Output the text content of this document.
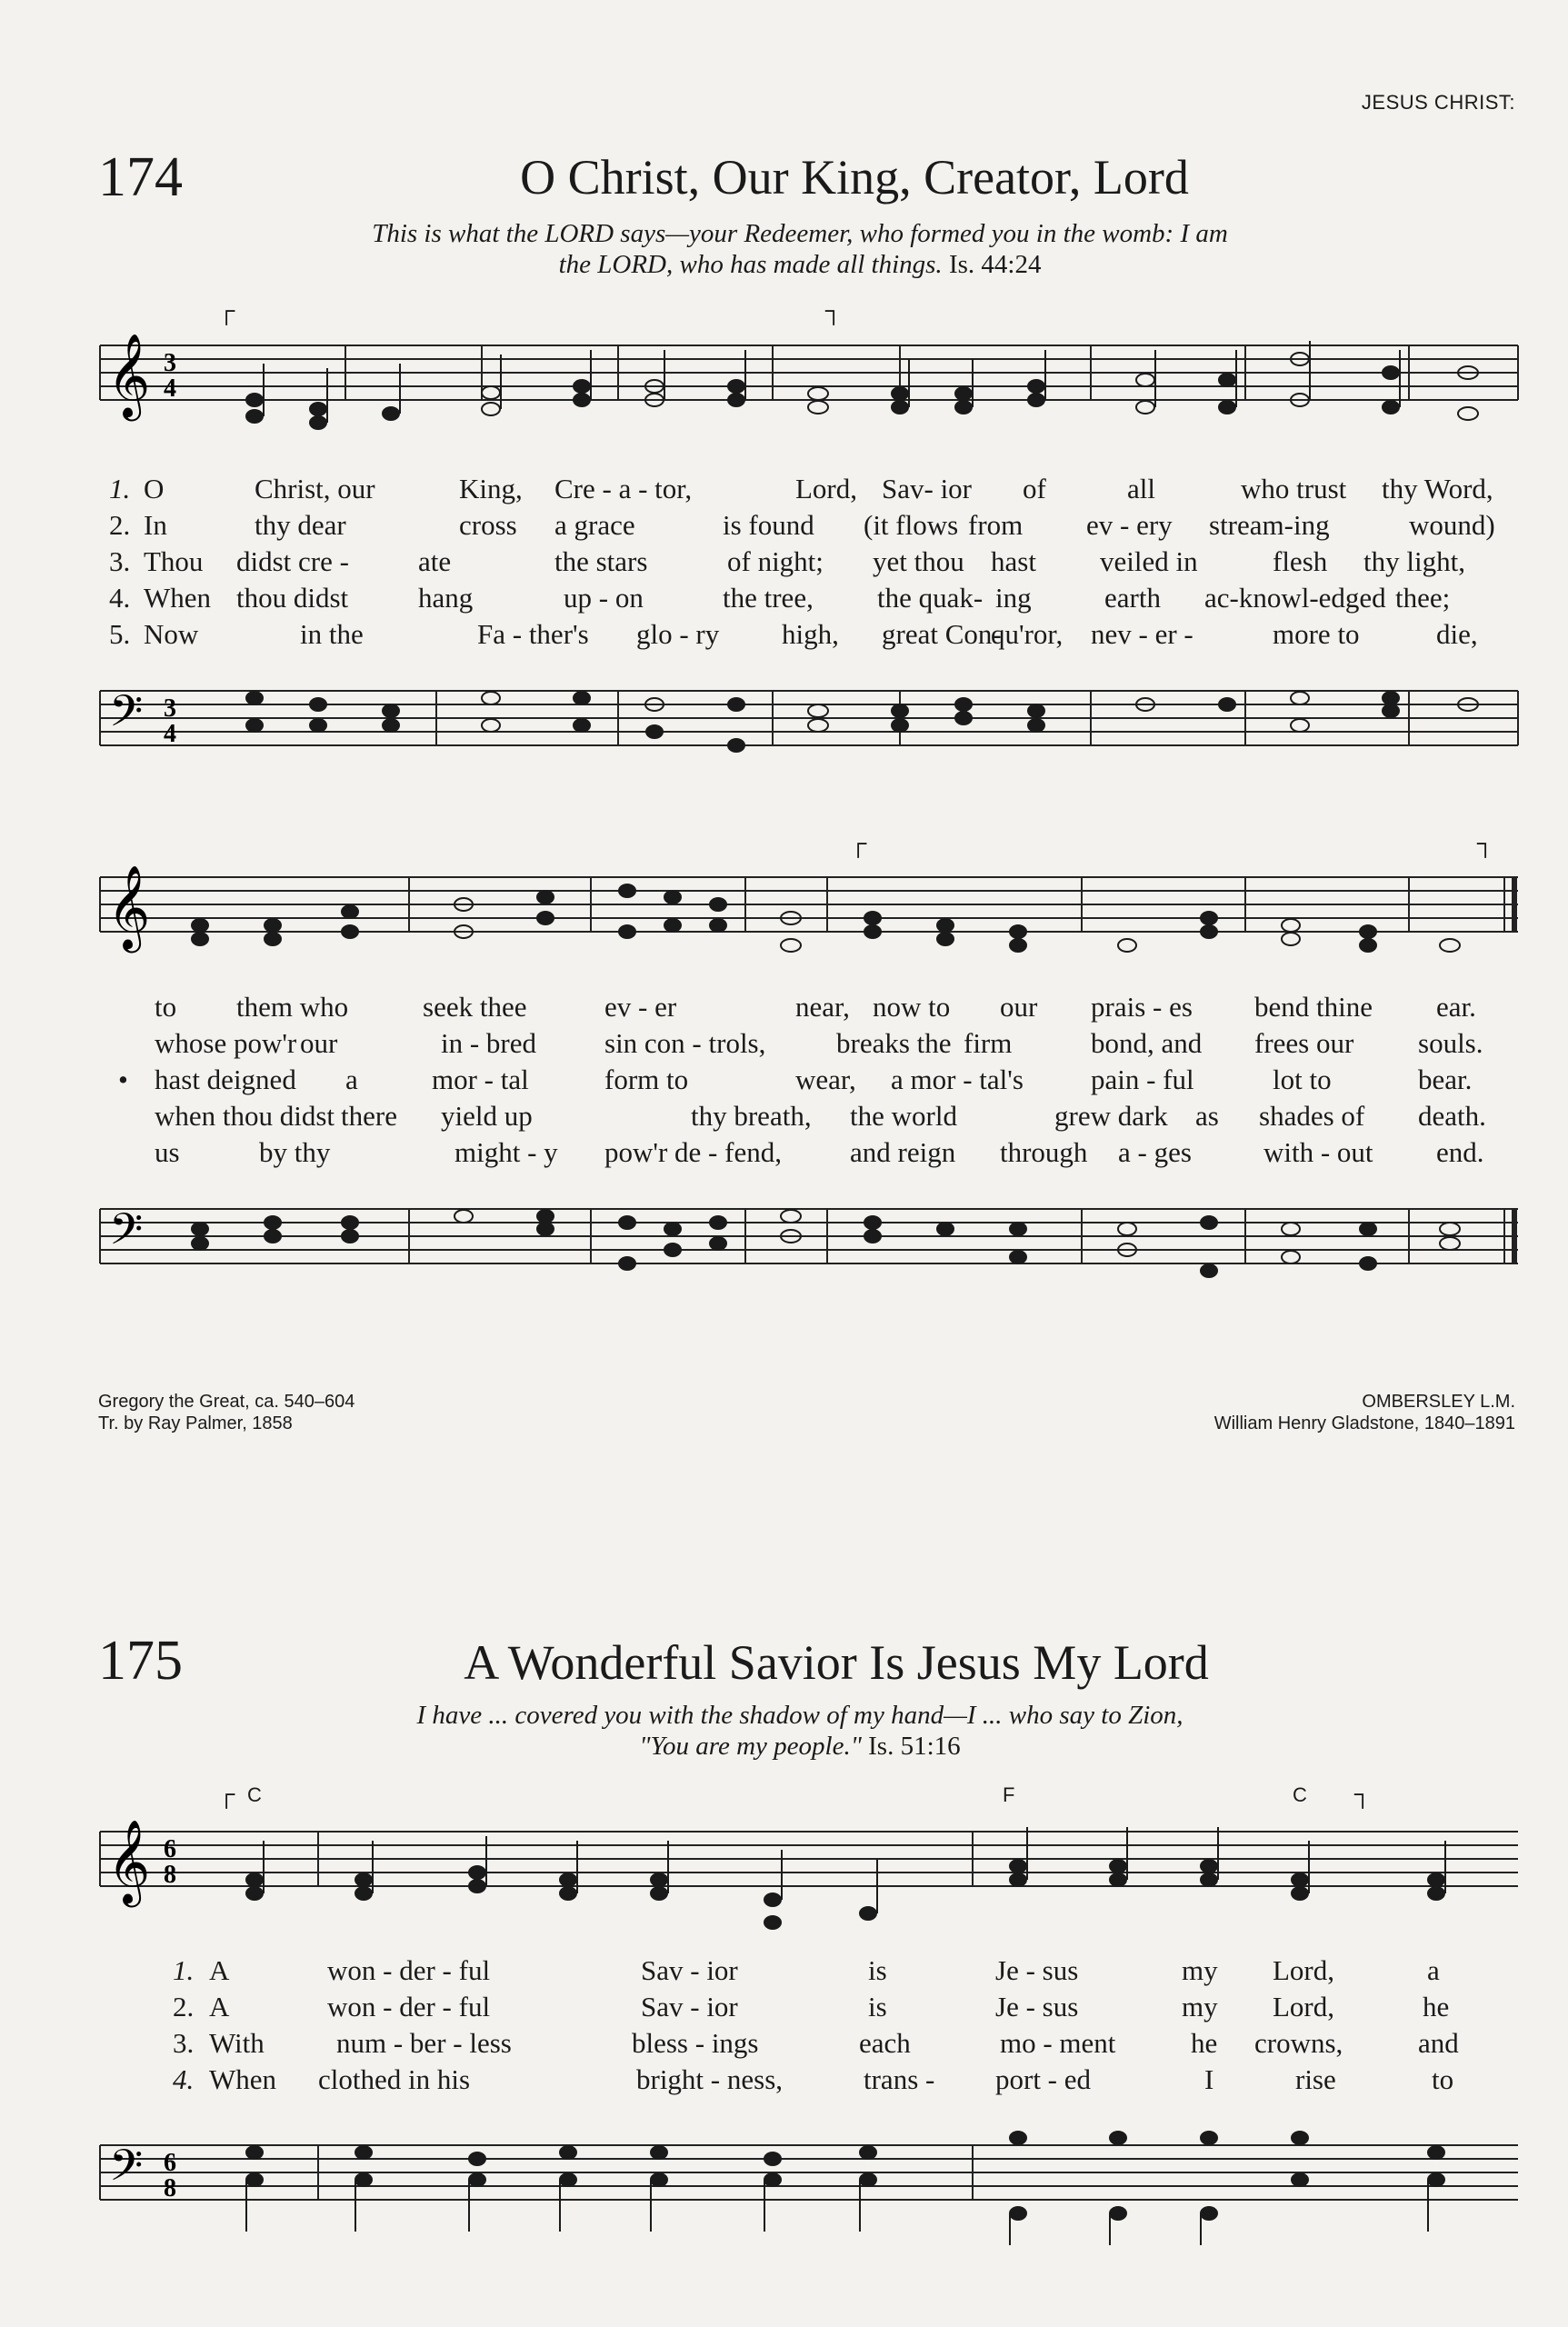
JESUS CHRIST:
174	O Christ, Our King, Creator, Lord
This is what the LORD says—your Redeemer, who formed you in the womb: I am
the LORD, who has made all things. Is. 44:24
┌	┐
𝄞 3
4
1. O	Christ, our	King, Cre - a - tor,	Lord, Sav- ior of	all	who trust thy Word,
2. In	thy dear	cross a grace	is found (it flows from ev - ery stream-ing	wound)
3. Thou didst cre - ate	the stars	of night; yet thou hast veiled in	flesh thy light,
4. When thou didst hang	up - on	the tree, the quak- ing	earth ac-knowl-edged thee;
5. Now	in the	Fa - ther's glo - ry high, great Con-
qu'ror, nev - er -	more to	die,
𝄢 3
4
┌	┐
𝄞
to them who	seek thee	ev - er	near, now to our prais - es bend thine ear.
whose pow'r our	in - bred sin con - trols,	breaks the firm	bond, and frees our souls.
• hast deigned a	mor - tal	form to	wear, a mor - tal's pain - ful	lot to	bear.
when thou didst there yield up	thy breath, the world	grew dark as shades of death.
us	by thy	might - y pow'r de - fend, and reign through a - ges	with - out end.
𝄢
Gregory the Great, ca. 540–604
Tr. by Ray Palmer, 1858
OMBERSLEY L.M.
William Henry Gladstone, 1840–1891
175	A Wonderful Savior Is Jesus My Lord
I have ... covered you with the shadow of my hand—I ... who say to Zion,
"You are my people." Is. 51:16
┌ C	F	C ┐
𝄞 6
8
1. A	won - der - ful	Sav - ior	is	Je - sus	my Lord,	a
2. A	won - der - ful	Sav - ior	is	Je - sus	my Lord,	he
3. With	num - ber - less	bless - ings	each	mo - ment	he crowns,	and
4. When clothed in his	bright - ness,	trans - port - ed	I	rise	to
𝄢 6
8
